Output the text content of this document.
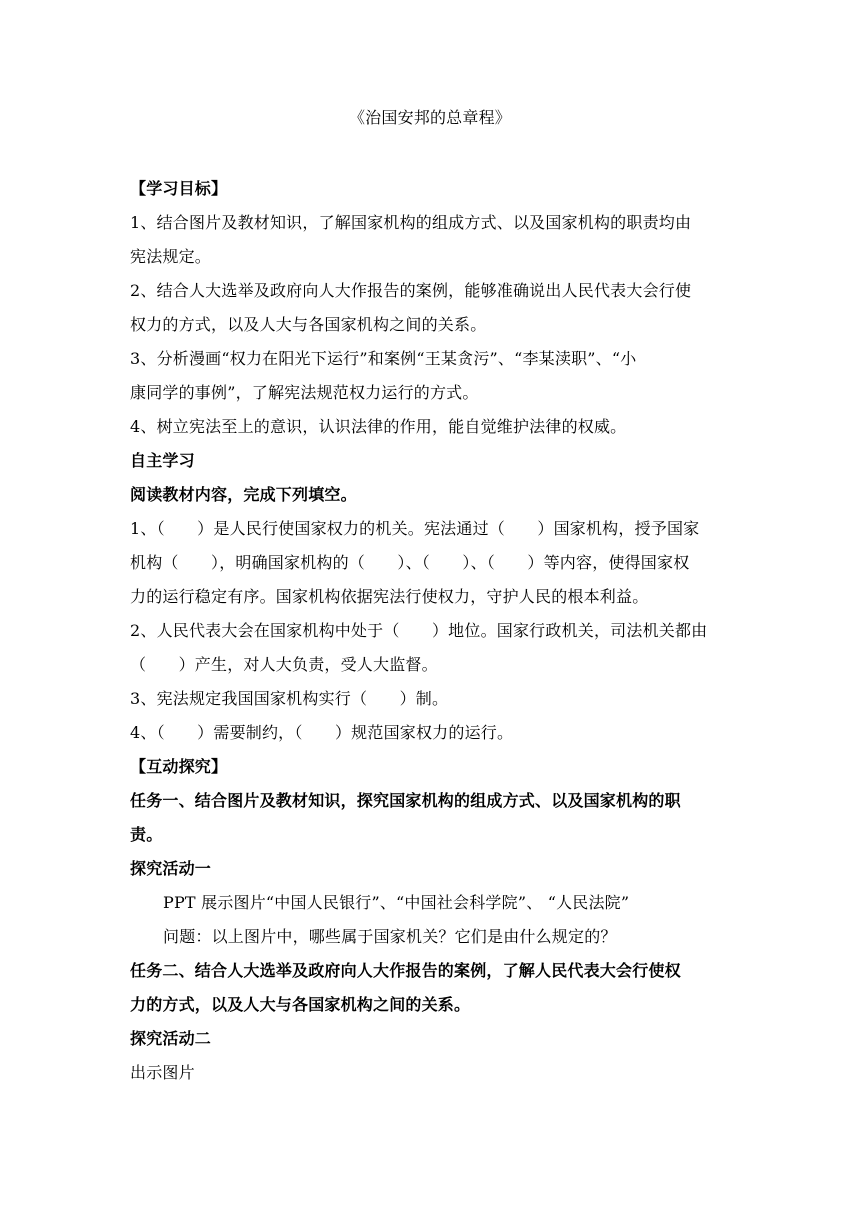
《治国安邦的总章程》
【学习目标】
1、结合图片及教材知识，了解国家机构的组成方式、以及国家机构的职责均由
宪法规定。
2、结合人大选举及政府向人大作报告的案例，能够准确说出人民代表大会行使
权力的方式，以及人大与各国家机构之间的关系。
3、分析漫画“权力在阳光下运行”和案例“王某贪污”、“李某渎职”、“小
康同学的事例”，了解宪法规范权力运行的方式。
4、树立宪法至上的意识，认识法律的作用，能自觉维护法律的权威。
自主学习
阅读教材内容，完成下列填空。
1、（　　）是人民行使国家权力的机关。宪法通过（　　）国家机构，授予国家
机构（　　），明确国家机构的（　　）、（　　）、（　　）等内容，使得国家权
力的运行稳定有序。国家机构依据宪法行使权力，守护人民的根本利益。
2、人民代表大会在国家机构中处于（　　）地位。国家行政机关，司法机关都由
（　　）产生，对人大负责，受人大监督。
3、宪法规定我国国家机构实行（　　）制。
4、（　　）需要制约，（　　）规范国家权力的运行。
【互动探究】
任务一、结合图片及教材知识，探究国家机构的组成方式、以及国家机构的职
责。
探究活动一
PPT 展示图片“中国人民银行”、“中国社会科学院”、 “人民法院”
问题：以上图片中，哪些属于国家机关？它们是由什么规定的？
任务二、结合人大选举及政府向人大作报告的案例，了解人民代表大会行使权
力的方式，以及人大与各国家机构之间的关系。
探究活动二
出示图片
